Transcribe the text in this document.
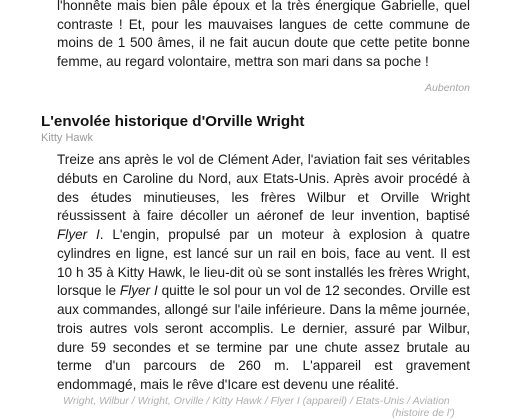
l'honnête mais bien pâle époux et la très énergique Gabrielle, quel contraste ! Et, pour les mauvaises langues de cette commune de moins de 1 500 âmes, il ne fait aucun doute que cette petite bonne femme, au regard volontaire, mettra son mari dans sa poche !

Aubenton

L'envolée historique d'Orville Wright

Kitty Hawk

Treize ans après le vol de Clément Ader, l'aviation fait ses véritables débuts en Caroline du Nord, aux Etats-Unis. Après avoir procédé à des études minutieuses, les frères Wilbur et Orville Wright réussissent à faire décoller un aéronef de leur invention, baptisé Flyer I. L'engin, propulsé par un moteur à explosion à quatre cylindres en ligne, est lancé sur un rail en bois, face au vent. Il est 10 h 35 à Kitty Hawk, le lieu-dit où se sont installés les frères Wright, lorsque le Flyer I quitte le sol pour un vol de 12 secondes. Orville est aux commandes, allongé sur l'aile inférieure. Dans la même journée, trois autres vols seront accomplis. Le dernier, assuré par Wilbur, dure 59 secondes et se termine par une chute assez brutale au terme d'un parcours de 260 m. L'appareil est gravement endommagé, mais le rêve d'Icare est devenu une réalité.

Wright, Wilbur / Wright, Orville / Kitty Hawk / Flyer I (appareil) / Etats-Unis / Aviation

(histoire de l')
